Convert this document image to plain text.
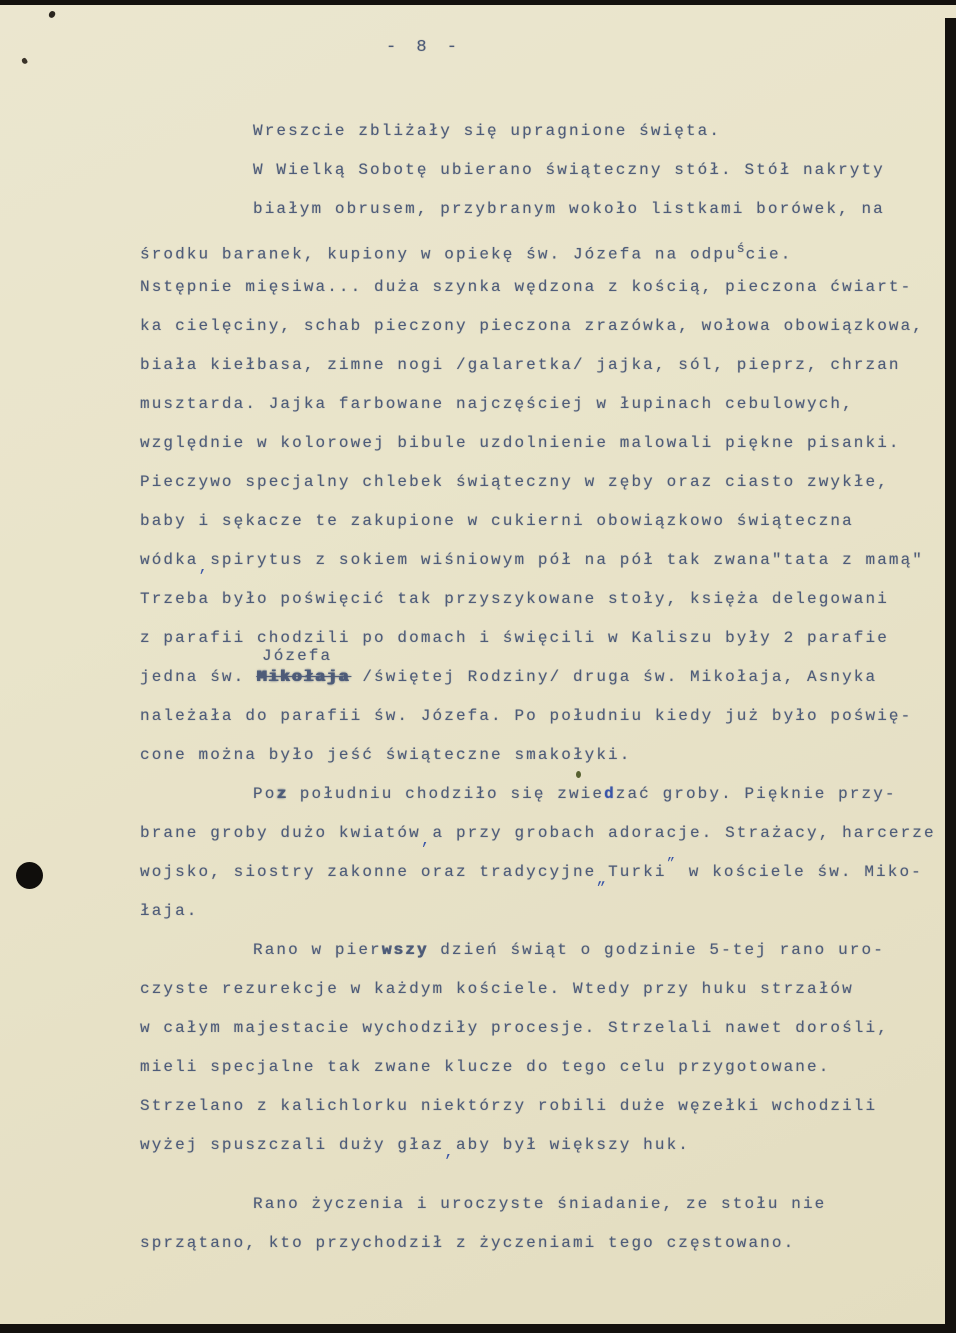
- 8 -
Wreszcie zbliżały się upragnione święta.
W Wielką Sobotę ubierano świąteczny stół. Stół nakryty
białym obrusem, przybranym wokoło listkami borówek, na
środku baranek, kupiony w opiekę św. Józefa na odpu$^ś$cie.
Nstępnie mięsiwa... duża szynka wędzona z kością, pieczona ćwiart-
ka cielęciny, schab pieczony pieczona zrazówka, wołowa obowiązkowa,
biała kiełbasa, zimne nogi /galaretka/ jajka, sól, pieprz, chrzan
musztarda. Jajka farbowane najczęściej w łupinach cebulowych,
względnie w kolorowej bibule uzdolnienie malowali piękne pisanki.
Pieczywo specjalny chlebek świąteczny w zęby oraz ciasto zwykłe,
baby i sękacze te zakupione w cukierni obowiązkowo świąteczna
wódka,spirytus z sokiem wiśniowym pół na pół tak zwana"tata z mamą"
Trzeba było poświęcić tak przyszykowane stoły, księża delegowani
z parafii chodzili po domach i święcili w Kaliszu były 2 parafie
Józefa
jedna św. Mikołaja /świętej Rodziny/ druga św. Mikołaja, Asnyka
należała do parafii św. Józefa. Po południu kiedy już było poświę-
cone można było jeść świąteczne smakołyki.
Poz południu chodziło się zwiedzać groby. Pięknie przy-
brane groby dużo kwiatów,a przy grobach adoracje. Strażacy, harcerze
wojsko, siostry zakonne oraz tradycyjne„Turki” w kościele św. Miko-
łaja.
Rano w pierwszy dzień świąt o godzinie 5-tej rano uro-
czyste rezurekcje w każdym kościele. Wtedy przy huku strzałów
w całym majestacie wychodziły procesje. Strzelali nawet dorośli,
mieli specjalne tak zwane klucze do tego celu przygotowane.
Strzelano z kalichlorku niektórzy robili duże węzełki wchodzili
wyżej spuszczali duży głaz,aby był większy huk.
Rano życzenia i uroczyste śniadanie, ze stołu nie
sprzątano, kto przychodził z życzeniami tego częstowano.
